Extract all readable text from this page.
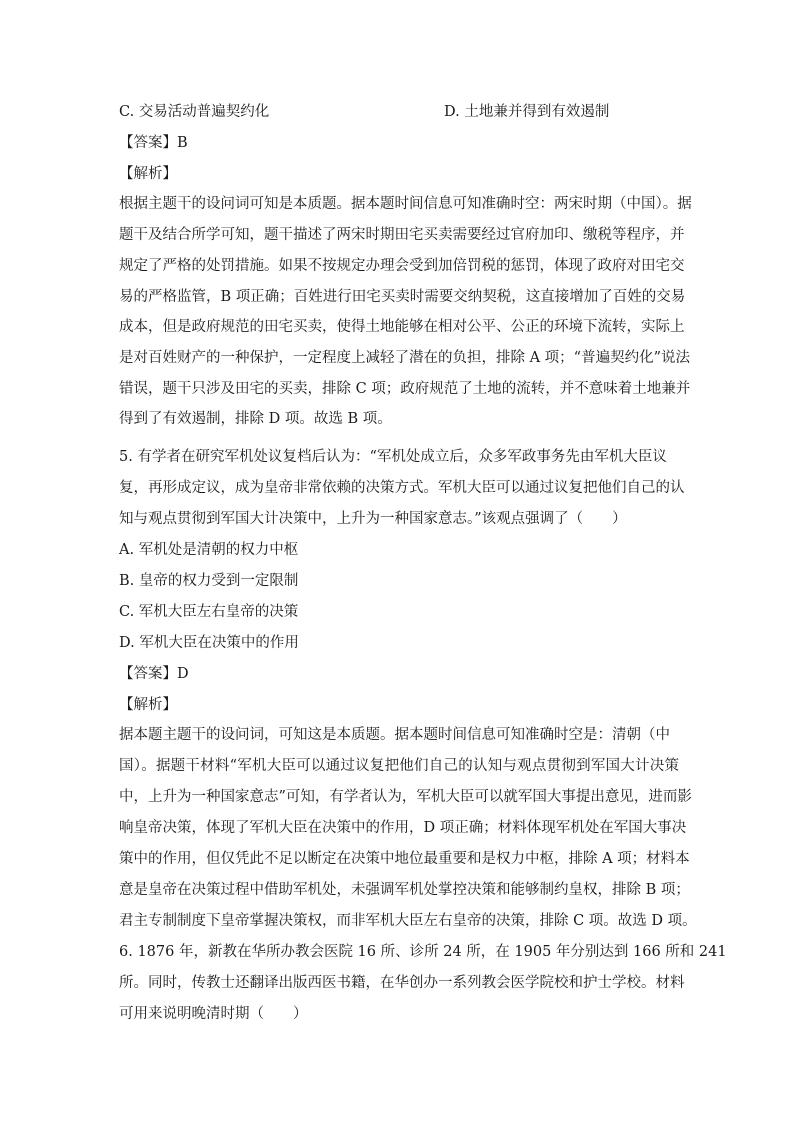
C. 交易活动普遍契约化	D. 土地兼并得到有效遏制
【答案】B
【解析】
根据主题干的设问词可知是本质题。据本题时间信息可知准确时空：两宋时期（中国）。据
题干及结合所学可知，题干描述了两宋时期田宅买卖需要经过官府加印、缴税等程序，并
规定了严格的处罚措施。如果不按规定办理会受到加倍罚税的惩罚，体现了政府对田宅交
易的严格监管，B 项正确；百姓进行田宅买卖时需要交纳契税，这直接增加了百姓的交易
成本，但是政府规范的田宅买卖，使得土地能够在相对公平、公正的环境下流转，实际上
是对百姓财产的一种保护，一定程度上减轻了潜在的负担，排除 A 项；“普遍契约化”说法
错误，题干只涉及田宅的买卖，排除 C 项；政府规范了土地的流转，并不意味着土地兼并
得到了有效遏制，排除 D 项。故选 B 项。
5. 有学者在研究军机处议复档后认为：“军机处成立后，众多军政事务先由军机大臣议
复，再形成定议，成为皇帝非常依赖的决策方式。军机大臣可以通过议复把他们自己的认
知与观点贯彻到军国大计决策中，上升为一种国家意志。”该观点强调了（　　）
A. 军机处是清朝的权力中枢
B. 皇帝的权力受到一定限制
C. 军机大臣左右皇帝的决策
D. 军机大臣在决策中的作用
【答案】D
【解析】
据本题主题干的设问词，可知这是本质题。据本题时间信息可知准确时空是：清朝（中
国）。据题干材料“军机大臣可以通过议复把他们自己的认知与观点贯彻到军国大计决策
中，上升为一种国家意志”可知，有学者认为，军机大臣可以就军国大事提出意见，进而影
响皇帝决策，体现了军机大臣在决策中的作用，D 项正确；材料体现军机处在军国大事决
策中的作用，但仅凭此不足以断定在决策中地位最重要和是权力中枢，排除 A 项；材料本
意是皇帝在决策过程中借助军机处，未强调军机处掌控决策和能够制约皇权，排除 B 项；
君主专制制度下皇帝掌握决策权，而非军机大臣左右皇帝的决策，排除 C 项。故选 D 项。
6. 1876 年，新教在华所办教会医院 16 所、诊所 24 所，在 1905 年分别达到 166 所和 241
所。同时，传教士还翻译出版西医书籍，在华创办一系列教会医学院校和护士学校。材料
可用来说明晚清时期（　　）
